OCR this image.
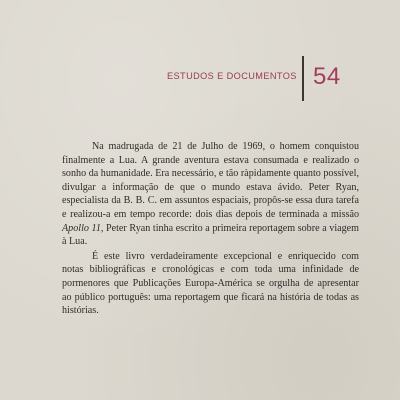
ESTUDOS E DOCUMENTOS 54

Na madrugada de 21 de Julho de 1969, o homem conquistou finalmente a Lua. A grande aventura estava consumada e realizado o sonho da humanidade. Era necessário, e tão ràpidamente quanto possível, divulgar a informação de que o mundo estava ávido. Peter Ryan, especialista da B. B. C. em assuntos espaciais, propôs-se essa dura tarefa e realizou-a em tempo recorde: dois dias depois de terminada a missão Apollo 11, Peter Ryan tinha escrito a primeira reportagem sobre a viagem à Lua.

É este livro verdadeiramente excepcional e enriquecido com notas bibliográficas e cronológicas e com toda uma infinidade de pormenores que Publicações Europa-América se orgulha de apresentar ao público português: uma reportagem que ficará na história de todas as histórias.
